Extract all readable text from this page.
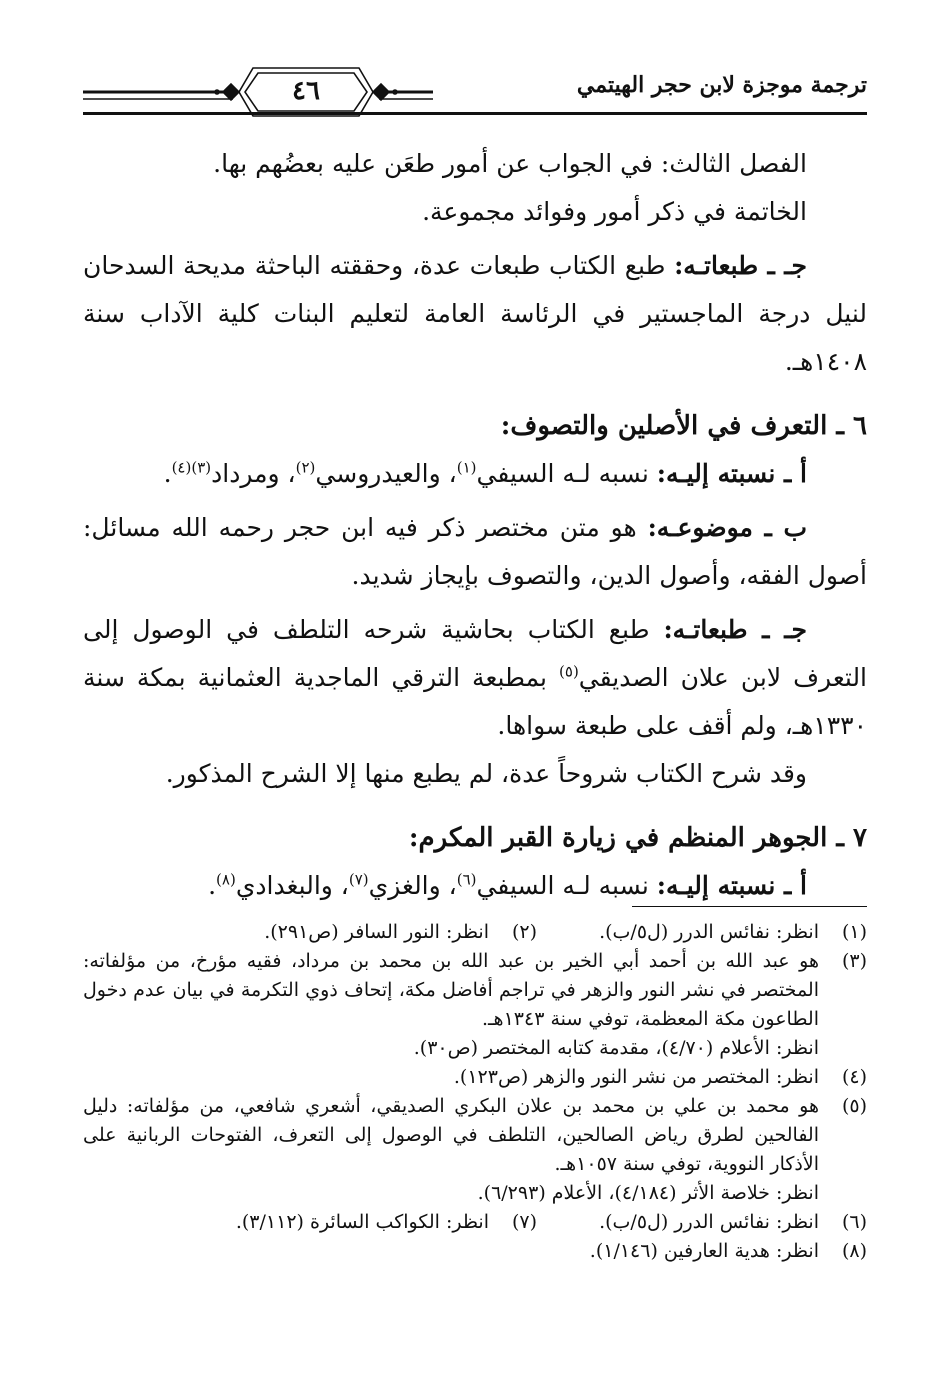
ترجمة موجزة لابن حجر الهيتمي
٤٦

الفصل الثالث: في الجواب عن أمور طعَن عليه بعضُهم بها.

الخاتمة في ذكر أمور وفوائد مجموعة.

جـ ـ طبعاتـه: طبع الكتاب طبعات عدة، وحققته الباحثة مديحة السدحان لنيل درجة الماجستير في الرئاسة العامة لتعليم البنات كلية الآداب سنة ١٤٠٨هـ.

٦ ـ التعرف في الأصلين والتصوف:

أ ـ نسبته إليـه: نسبه لـه السيفي$^{(١)}$، والعيدروسي$^{(٢)}$، ومرداد$^{(٣)(٤)}$.

ب ـ موضوعـه: هو متن مختصر ذكر فيه ابن حجر رحمه الله مسائل: أصول الفقه، وأصول الدين، والتصوف بإيجاز شديد.

جـ ـ طبعاتـه: طبع الكتاب بحاشية شرحه التلطف في الوصول إلى التعرف لابن علان الصديقي$^{(٥)}$ بمطبعة الترقي الماجدية العثمانية بمكة سنة ١٣٣٠هـ، ولم أقف على طبعة سواها.

وقد شرح الكتاب شروحاً عدة، لم يطبع منها إلا الشرح المذكور.

٧ ـ الجوهر المنظم في زيارة القبر المكرم:

أ ـ نسبته إليـه: نسبه لـه السيفي$^{(٦)}$، والغزي$^{(٧)}$، والبغدادي$^{(٨)}$.

(١)
انظر: نفائس الدرر (ل٥/ب).
(٢)
انظر: النور السافر (ص٢٩١).
(٣)
هو عبد الله بن أحمد أبي الخير بن عبد الله بن محمد بن مرداد، فقيه مؤرخ، من مؤلفاته: المختصر في نشر النور والزهر في تراجم أفاضل مكة، إتحاف ذوي التكرمة في بيان عدم دخول الطاعون مكة المعظمة، توفي سنة ١٣٤٣هـ.
انظر: الأعلام (٤/٧٠)، مقدمة كتابه المختصر (ص٣٠).
(٤)
انظر: المختصر من نشر النور والزهر (ص١٢٣).
(٥)
هو محمد بن علي بن محمد بن علان البكري الصديقي، أشعري شافعي، من مؤلفاته: دليل الفالحين لطرق رياض الصالحين، التلطف في الوصول إلى التعرف، الفتوحات الربانية على الأذكار النووية، توفي سنة ١٠٥٧هـ.
انظر: خلاصة الأثر (٤/١٨٤)، الأعلام (٦/٢٩٣).
(٦)
انظر: نفائس الدرر (ل٥/ب).
(٧)
انظر: الكواكب السائرة (٣/١١٢).
(٨)
انظر: هدية العارفين (١/١٤٦).
